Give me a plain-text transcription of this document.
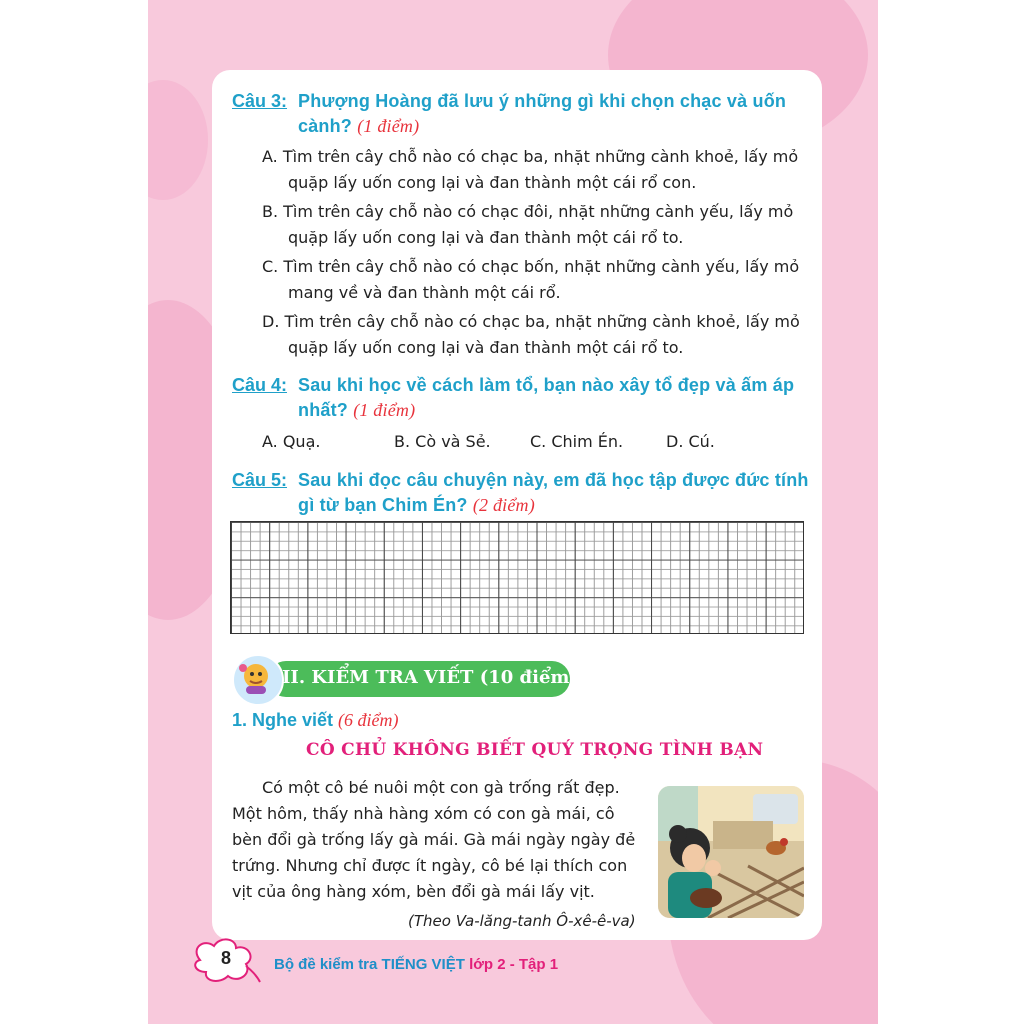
Câu 3: Phượng Hoàng đã lưu ý những gì khi chọn chạc và uốn cành? (1 điểm)
A. Tìm trên cây chỗ nào có chạc ba, nhặt những cành khoẻ, lấy mỏ
quặp lấy uốn cong lại và đan thành một cái rổ con.
B. Tìm trên cây chỗ nào có chạc đôi, nhặt những cành yếu, lấy mỏ
quặp lấy uốn cong lại và đan thành một cái rổ to.
C. Tìm trên cây chỗ nào có chạc bốn, nhặt những cành yếu, lấy mỏ
mang về và đan thành một cái rổ.
D. Tìm trên cây chỗ nào có chạc ba, nhặt những cành khoẻ, lấy mỏ
quặp lấy uốn cong lại và đan thành một cái rổ to.
Câu 4: Sau khi học về cách làm tổ, bạn nào xây tổ đẹp và ấm áp nhất? (1 điểm)
A. Quạ.	B. Cò và Sẻ. C. Chim Én.	D. Cú.
Câu 5: Sau khi đọc câu chuyện này, em đã học tập được đức tính gì từ bạn Chim Én? (2 điểm)
II. KIỂM TRA VIẾT (10 điểm)
1. Nghe viết (6 điểm)
CÔ CHỦ KHÔNG BIẾT QUÝ TRỌNG TÌNH BẠN
Có một cô bé nuôi một con gà trống rất đẹp.
Một hôm, thấy nhà hàng xóm có con gà mái, cô
bèn đổi gà trống lấy gà mái. Gà mái ngày ngày đẻ
trứng. Nhưng chỉ được ít ngày, cô bé lại thích con
vịt của ông hàng xóm, bèn đổi gà mái lấy vịt.
(Theo Va-lăng-tanh Ô-xê-ê-va)
8	Bộ đề kiểm tra TIẾNG VIỆT lớp 2 - Tập 1
